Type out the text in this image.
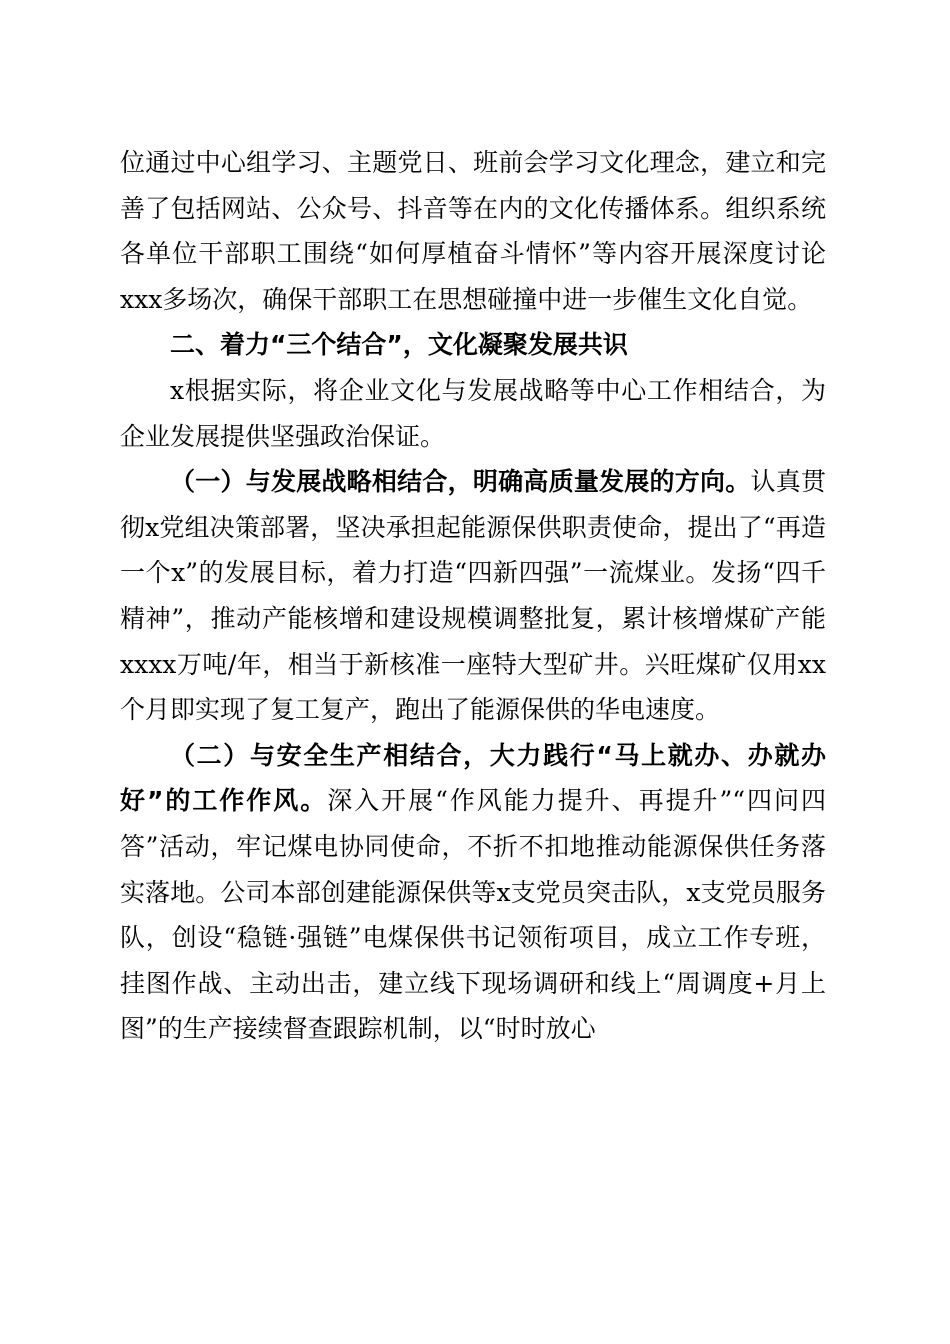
位通过中心组学习、主题党日、班前会学习文化理念，建立和完善了包括网站、公众号、抖音等在内的文化传播体系。组织系统各单位干部职工围绕“如何厚植奋斗情怀”等内容开展深度讨论xxx多场次，确保干部职工在思想碰撞中进一步催生文化自觉。

二、着力“三个结合”，文化凝聚发展共识

x根据实际，将企业文化与发展战略等中心工作相结合，为企业发展提供坚强政治保证。

（一）与发展战略相结合，明确高质量发展的方向。认真贯彻x党组决策部署，坚决承担起能源保供职责使命，提出了“再造一个x”的发展目标，着力打造“四新四强”一流煤业。发扬“四千精神”，推动产能核增和建设规模调整批复，累计核增煤矿产能xxxx万吨/年，相当于新核准一座特大型矿井。兴旺煤矿仅用xx个月即实现了复工复产，跑出了能源保供的华电速度。

（二）与安全生产相结合，大力践行“马上就办、办就办好”的工作作风。深入开展“作风能力提升、再提升”“四问四答”活动，牢记煤电协同使命，不折不扣地推动能源保供任务落实落地。公司本部创建能源保供等x支党员突击队，x支党员服务队，创设“稳链·强链”电煤保供书记领衔项目，成立工作专班，挂图作战、主动出击，建立线下现场调研和线上“周调度+月上图”的生产接续督查跟踪机制，以“时时放心
